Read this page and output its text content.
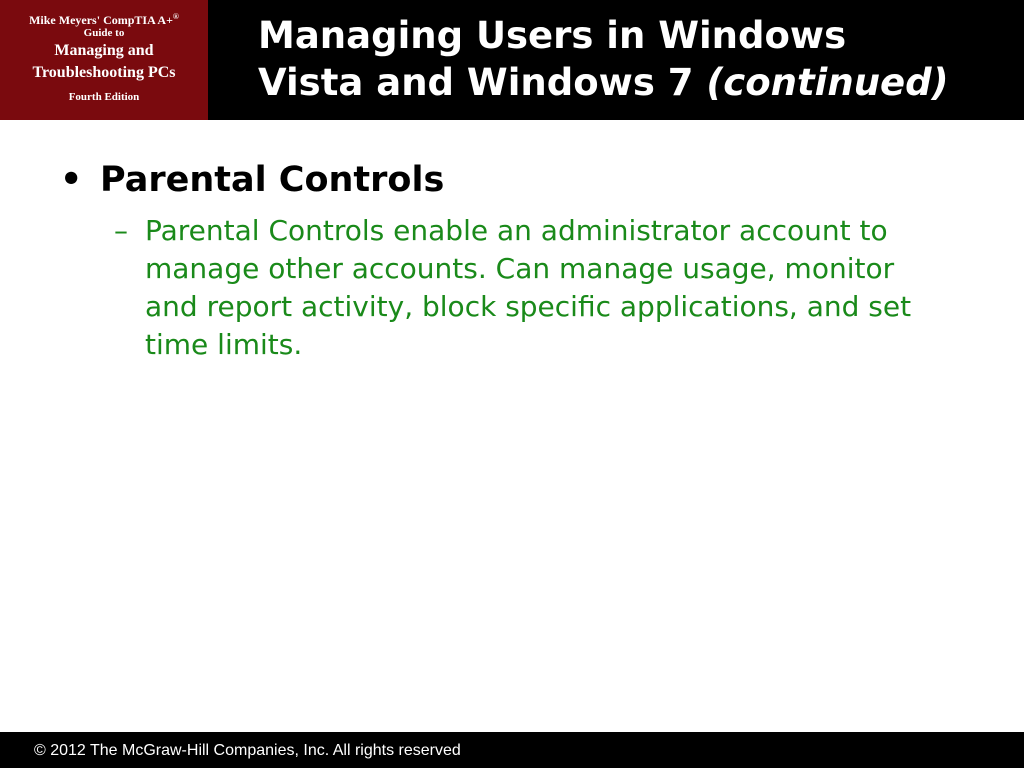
Mike Meyers' CompTIA A+®
Guide to
Managing and
Troubleshooting PCs
Fourth Edition
Managing Users in Windows
Vista and Windows 7 (continued)
• Parental Controls
– Parental Controls enable an administrator account to manage other accounts. Can manage usage, monitor and report activity, block specific applications, and set time limits.
© 2012 The McGraw-Hill Companies, Inc. All rights reserved
